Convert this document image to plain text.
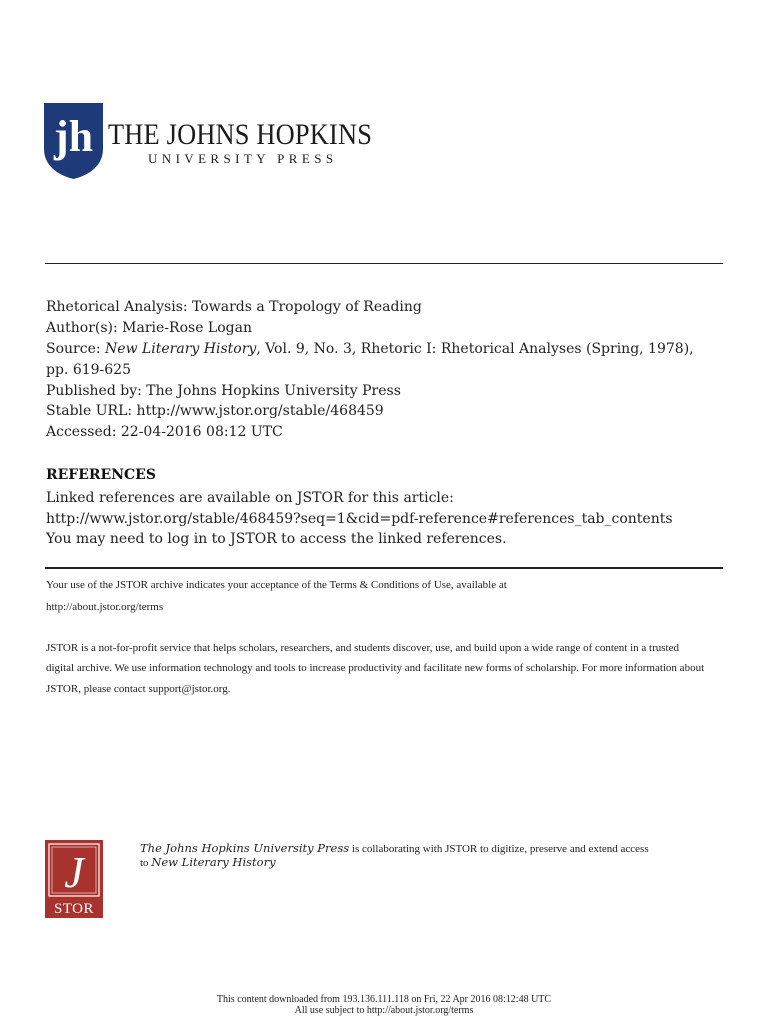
jh THE JOHNS HOPKINS

UNIVERSITY PRESS

Rhetorical Analysis: Towards a Tropology of Reading

Author(s): Marie-Rose Logan

Source: New Literary History, Vol. 9, No. 3, Rhetoric I: Rhetorical Analyses (Spring, 1978),

pp. 619-625

Published by: The Johns Hopkins University Press

Stable URL: http://www.jstor.org/stable/468459

Accessed: 22-04-2016 08:12 UTC

REFERENCES

Linked references are available on JSTOR for this article:

http://www.jstor.org/stable/468459?seq=1&cid=pdf-reference#references_tab_contents

You may need to log in to JSTOR to access the linked references.

Your use of the JSTOR archive indicates your acceptance of the Terms & Conditions of Use, available at

http://about.jstor.org/terms

JSTOR is a not-for-profit service that helps scholars, researchers, and students discover, use, and build upon a wide range of content in a trusted

digital archive. We use information technology and tools to increase productivity and facilitate new forms of scholarship. For more information about

JSTOR, please contact support@jstor.org.

J
STOR

The Johns Hopkins University Press is collaborating with JSTOR to digitize, preserve and extend access

to New Literary History

This content downloaded from 193.136.111.118 on Fri, 22 Apr 2016 08:12:48 UTC

All use subject to http://about.jstor.org/terms
